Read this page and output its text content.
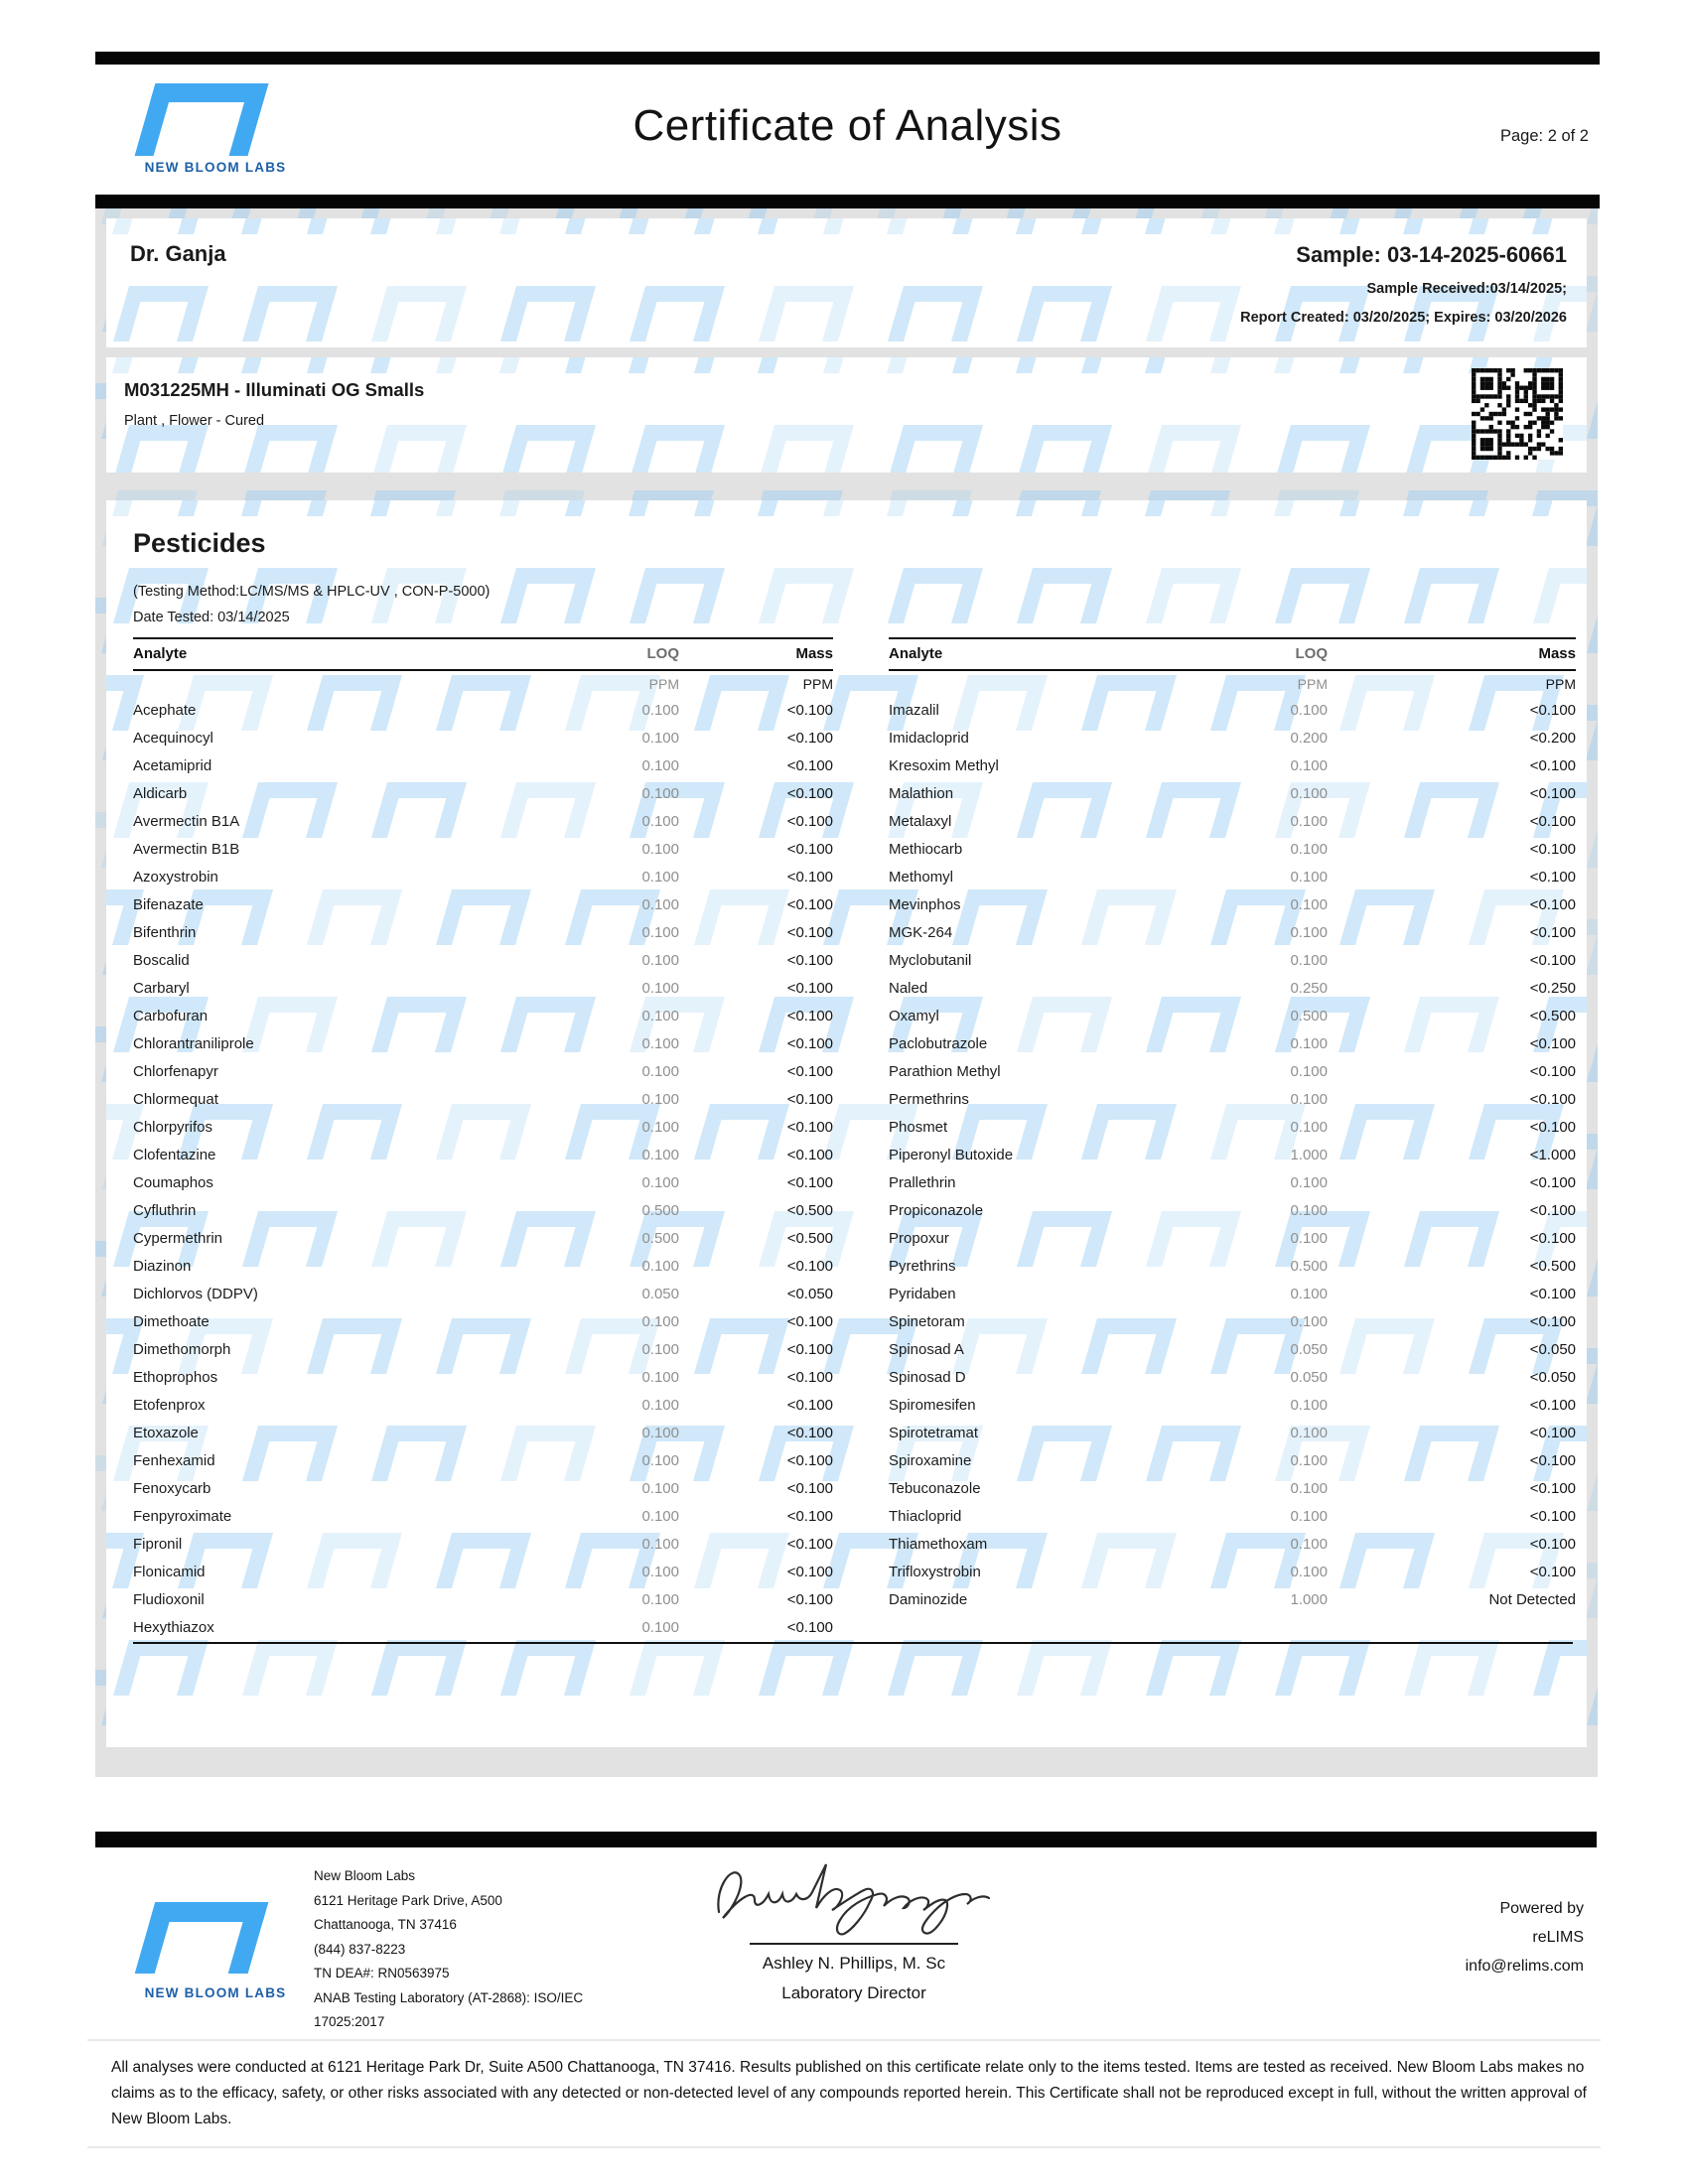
NEW BLOOM LABS
Certificate of Analysis	Page: 2 of 2
Dr. Ganja	Sample: 03-14-2025-60661
Sample Received:03/14/2025;
Report Created: 03/20/2025; Expires: 03/20/2026
M031225MH - Illuminati OG Smalls
Plant , Flower - Cured
Pesticides
(Testing Method:LC/MS/MS & HPLC-UV , CON-P-5000)
Date Tested: 03/14/2025
Analyte	LOQ	Mass
PPM	PPM
Acephate	0.100	<0.100
Acequinocyl	0.100	<0.100
Acetamiprid	0.100	<0.100
Aldicarb	0.100	<0.100
Avermectin B1A	0.100	<0.100
Avermectin B1B	0.100	<0.100
Azoxystrobin	0.100	<0.100
Bifenazate	0.100	<0.100
Bifenthrin	0.100	<0.100
Boscalid	0.100	<0.100
Carbaryl	0.100	<0.100
Carbofuran	0.100	<0.100
Chlorantraniliprole	0.100	<0.100
Chlorfenapyr	0.100	<0.100
Chlormequat	0.100	<0.100
Chlorpyrifos	0.100	<0.100
Clofentazine	0.100	<0.100
Coumaphos	0.100	<0.100
Cyfluthrin	0.500	<0.500
Cypermethrin	0.500	<0.500
Diazinon	0.100	<0.100
Dichlorvos (DDPV)	0.050	<0.050
Dimethoate	0.100	<0.100
Dimethomorph	0.100	<0.100
Ethoprophos	0.100	<0.100
Etofenprox	0.100	<0.100
Etoxazole	0.100	<0.100
Fenhexamid	0.100	<0.100
Fenoxycarb	0.100	<0.100
Fenpyroximate	0.100	<0.100
Fipronil	0.100	<0.100
Flonicamid	0.100	<0.100
Fludioxonil	0.100	<0.100
Hexythiazox	0.100	<0.100
Analyte	LOQ	Mass
PPM	PPM
Imazalil	0.100	<0.100
Imidacloprid	0.200	<0.200
Kresoxim Methyl	0.100	<0.100
Malathion	0.100	<0.100
Metalaxyl	0.100	<0.100
Methiocarb	0.100	<0.100
Methomyl	0.100	<0.100
Mevinphos	0.100	<0.100
MGK-264	0.100	<0.100
Myclobutanil	0.100	<0.100
Naled	0.250	<0.250
Oxamyl	0.500	<0.500
Paclobutrazole	0.100	<0.100
Parathion Methyl	0.100	<0.100
Permethrins	0.100	<0.100
Phosmet	0.100	<0.100
Piperonyl Butoxide	1.000	<1.000
Prallethrin	0.100	<0.100
Propiconazole	0.100	<0.100
Propoxur	0.100	<0.100
Pyrethrins	0.500	<0.500
Pyridaben	0.100	<0.100
Spinetoram	0.100	<0.100
Spinosad A	0.050	<0.050
Spinosad D	0.050	<0.050
Spiromesifen	0.100	<0.100
Spirotetramat	0.100	<0.100
Spiroxamine	0.100	<0.100
Tebuconazole	0.100	<0.100
Thiacloprid	0.100	<0.100
Thiamethoxam	0.100	<0.100
Trifloxystrobin	0.100	<0.100
Daminozide	1.000	Not Detected
NEW BLOOM LABS
New Bloom Labs
6121 Heritage Park Drive, A500
Chattanooga, TN 37416
(844) 837-8223
TN DEA#: RN0563975
ANAB Testing Laboratory (AT-2868): ISO/IEC
17025:2017
Ashley N. Phillips, M. Sc
Laboratory Director
Powered by
reLIMS
info@relims.com

All analyses were conducted at 6121 Heritage Park Dr, Suite A500 Chattanooga, TN 37416. Results published on this certificate relate only to the items tested. Items are tested as received. New Bloom Labs makes no claims as to the efficacy, safety, or other risks associated with any detected or non-detected level of any compounds reported herein. This Certificate shall not be reproduced except in full, without the written approval of New Bloom Labs.
